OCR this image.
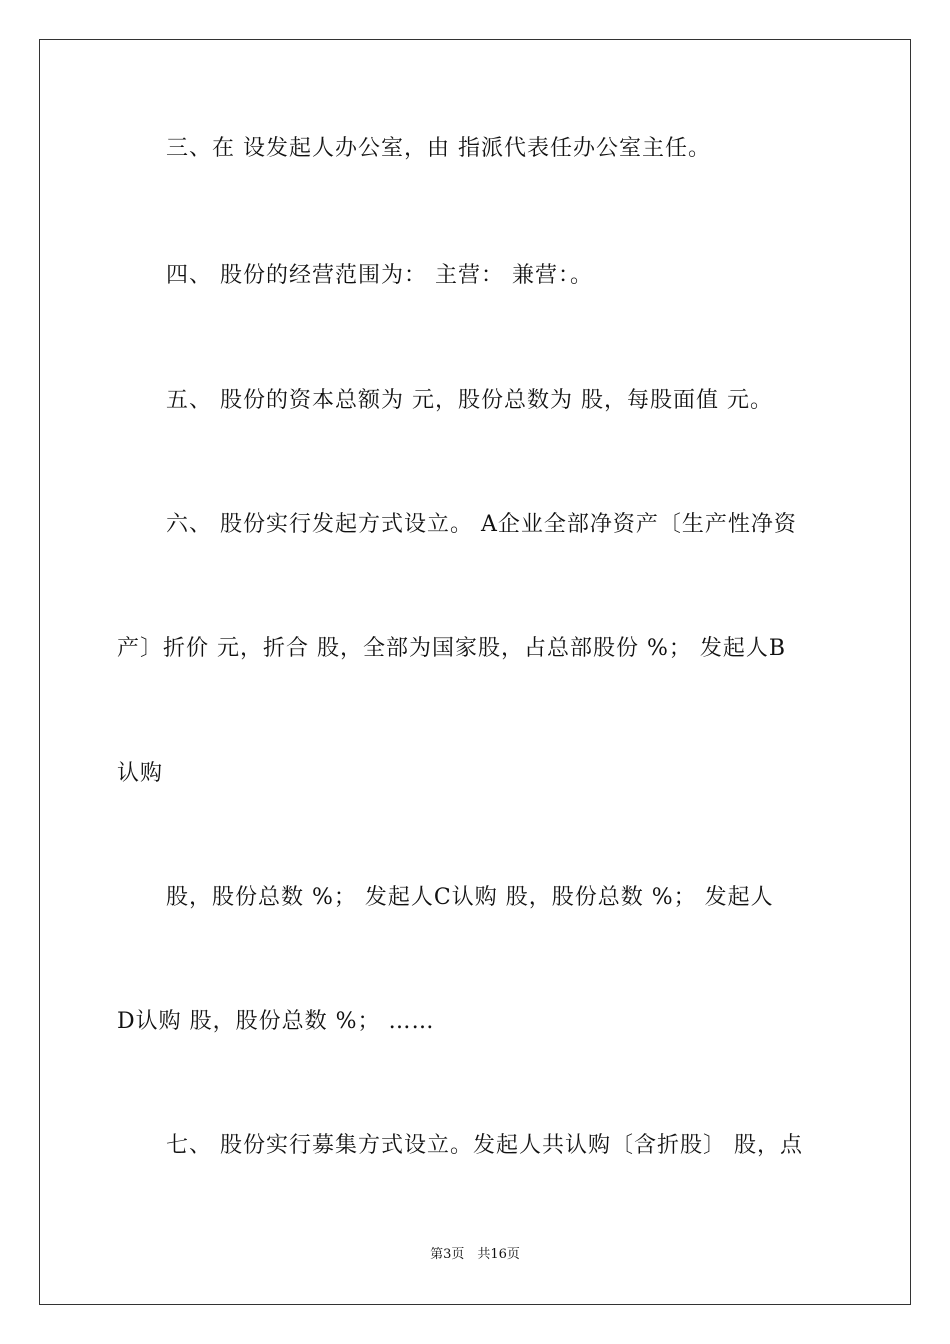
三、在 设发起人办公室，由 指派代表任办公室主任。

四、 股份的经营范围为： 主营： 兼营：。

五、 股份的资本总额为 元，股份总数为 股，每股面值 元。

六、 股份实行发起方式设立。 A企业全部净资产〔生产性净资

产〕折价 元，折合 股，全部为国家股，占总部股份 %； 发起人B

认购

股，股份总数 %； 发起人C认购 股，股份总数 %； 发起人

D认购 股，股份总数 %； ……

七、 股份实行募集方式设立。发起人共认购〔含折股〕 股，点

第3页　共16页
